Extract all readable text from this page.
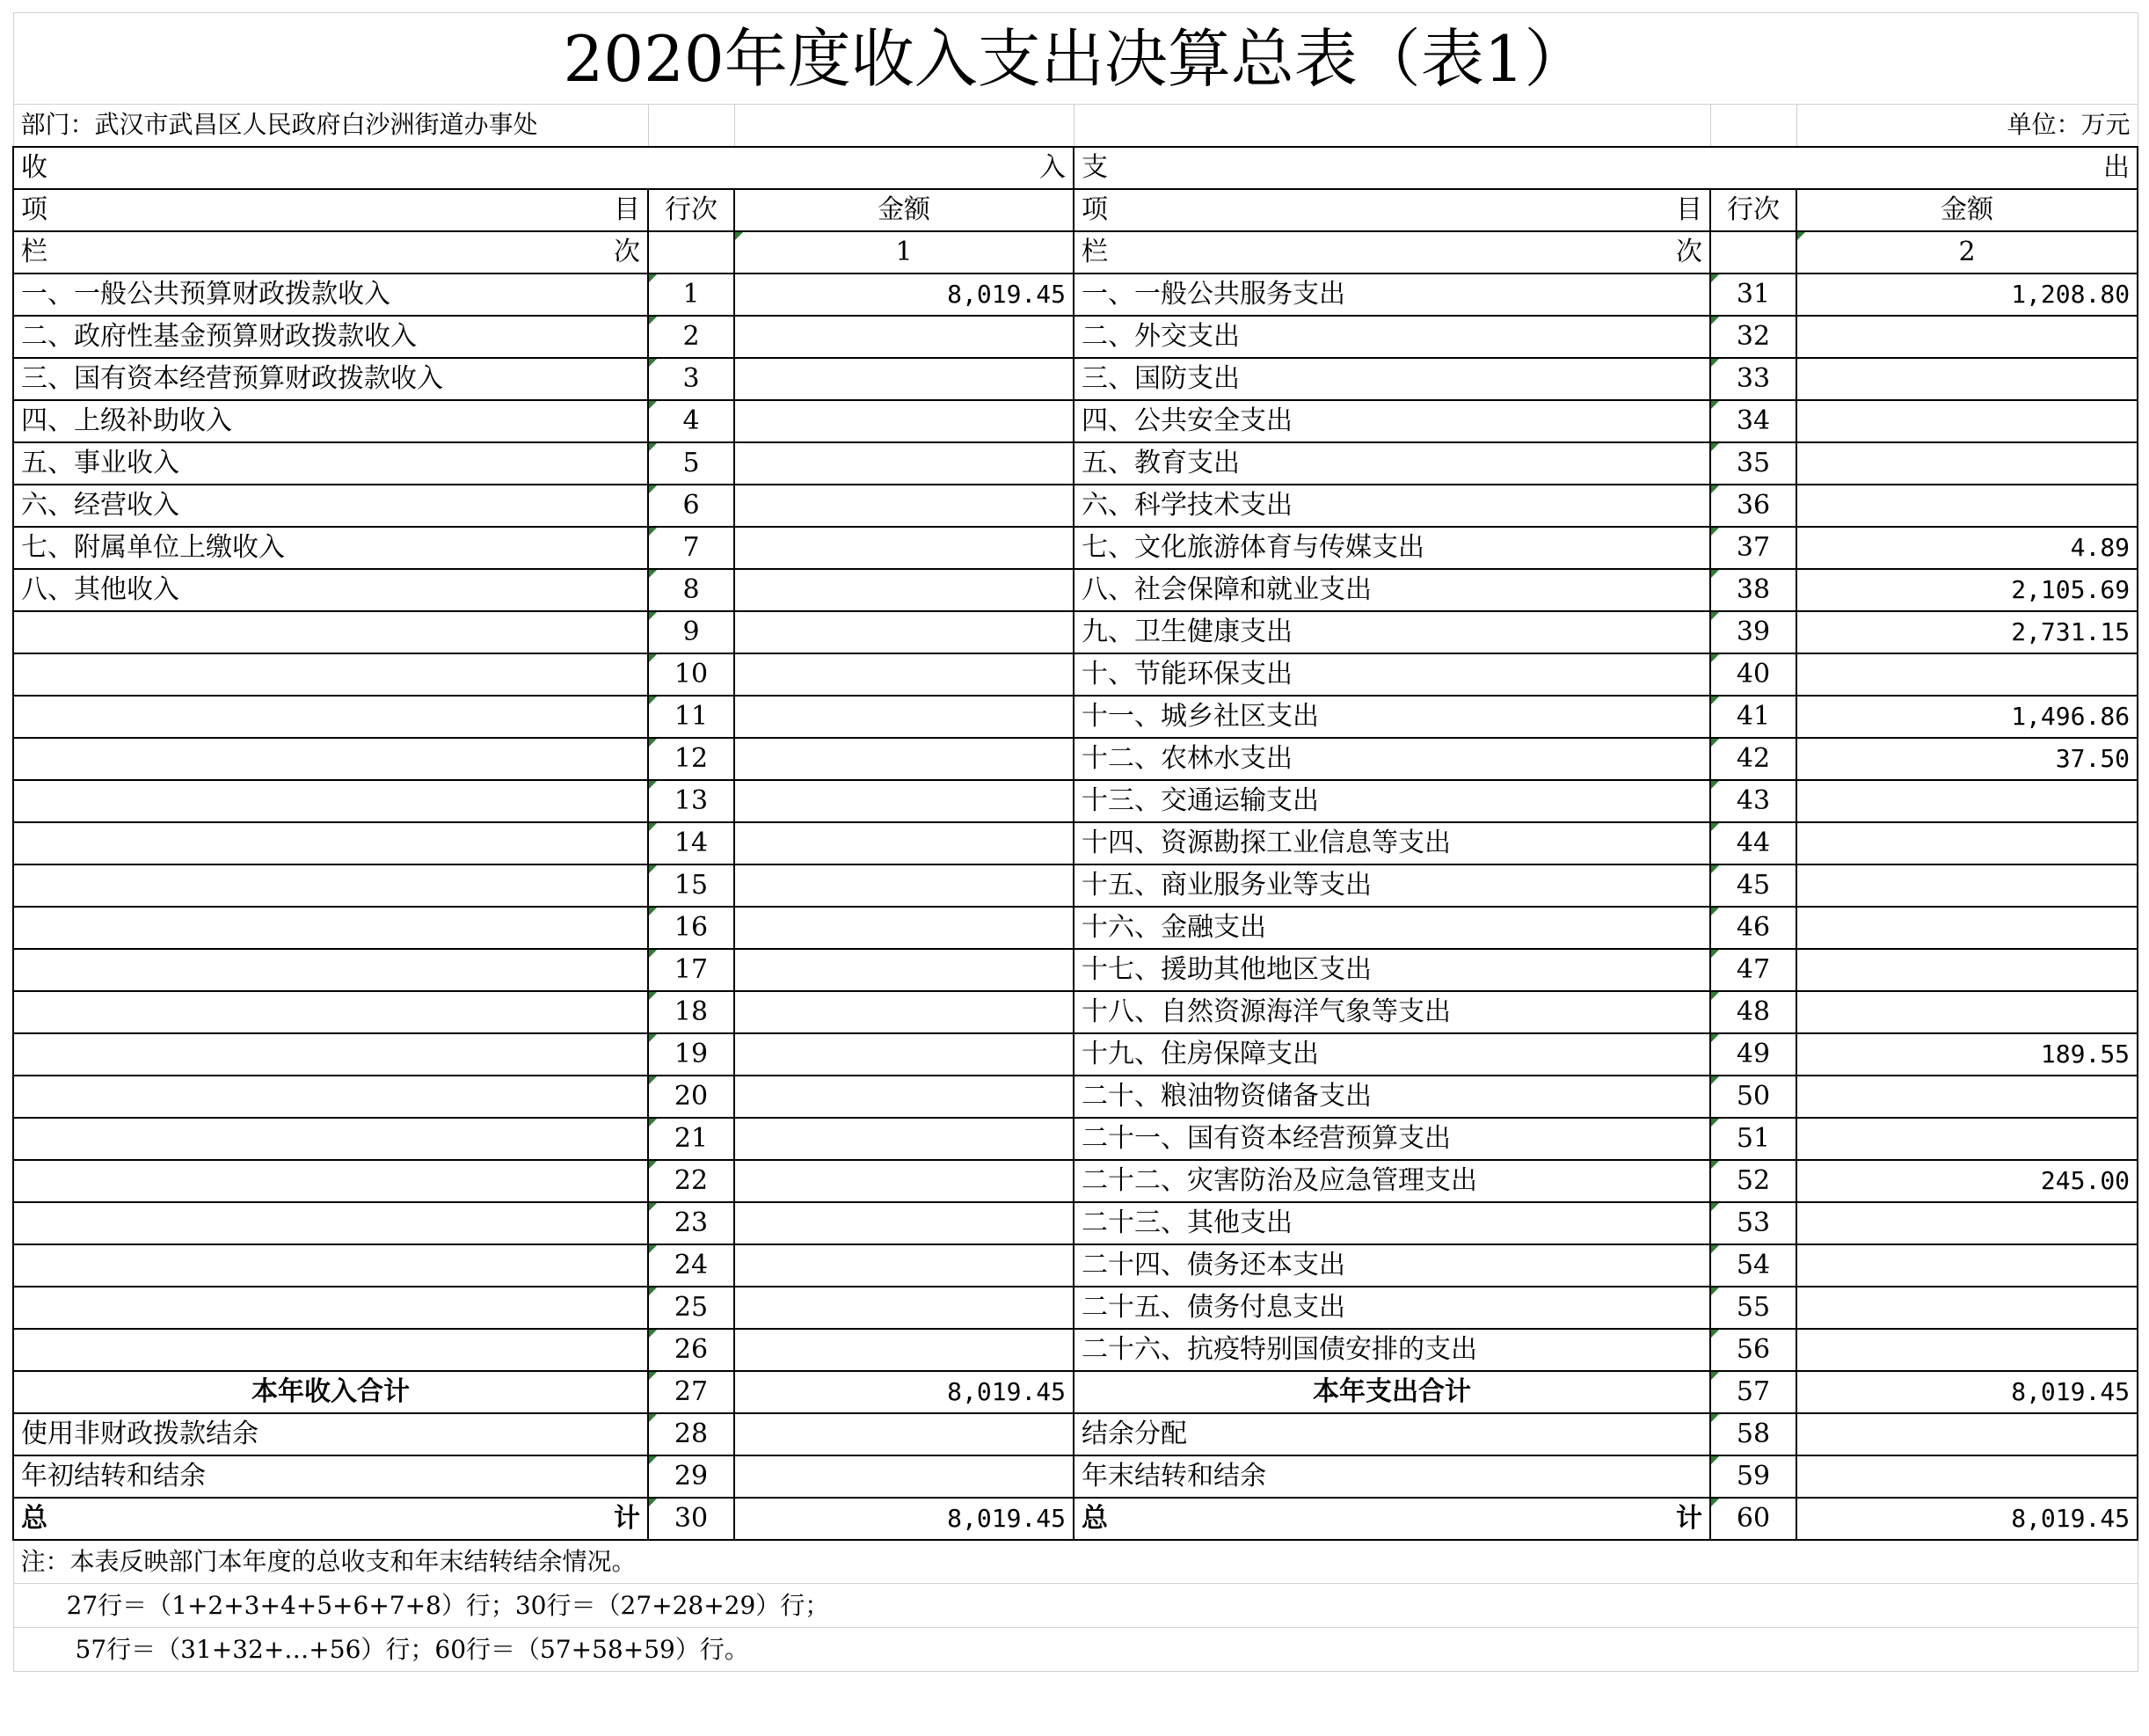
2020年度收入支出决算总表（表1）					
部门：武汉市武昌区人民政府白沙洲街道办事处					单位：万元

收 入			支 出		

项 目	行次	金额	项 目	行次	金额

栏 次		1	栏 次		2
一、一般公共预算财政拨款收入	1	8,019.45	一、一般公共服务支出	31	1,208.80
二、政府性基金预算财政拨款收入	2		二、外交支出	32	
三、国有资本经营预算财政拨款收入	3		三、国防支出	33	
四、上级补助收入	4		四、公共安全支出	34	
五、事业收入	5		五、教育支出	35	
六、经营收入	6		六、科学技术支出	36	
七、附属单位上缴收入	7		七、文化旅游体育与传媒支出	37	4.89
八、其他收入	8		八、社会保障和就业支出	38	2,105.69
	9		九、卫生健康支出	39	2,731.15
	10		十、节能环保支出	40	
	11		十一、城乡社区支出	41	1,496.86
	12		十二、农林水支出	42	37.50
	13		十三、交通运输支出	43	
	14		十四、资源勘探工业信息等支出	44	
	15		十五、商业服务业等支出	45	
	16		十六、金融支出	46	
	17		十七、援助其他地区支出	47	
	18		十八、自然资源海洋气象等支出	48	
	19		十九、住房保障支出	49	189.55
	20		二十、粮油物资储备支出	50	
	21		二十一、国有资本经营预算支出	51	
	22		二十二、灾害防治及应急管理支出	52	245.00
	23		二十三、其他支出	53	
	24		二十四、债务还本支出	54	
	25		二十五、债务付息支出	55	
	26		二十六、抗疫特别国债安排的支出	56	
本年收入合计	27	8,019.45	本年支出合计	57	8,019.45
使用非财政拨款结余	28		结余分配	58	
年初结转和结余	29		年末结转和结余	59	

总 计	30	8,019.45	总 计	60	8,019.45
注：本表反映部门本年度的总收支和年末结转结余情况。					
27行＝（1+2+3+4+5+6+7+8）行；30行＝（27+28+29）行；					
57行＝（31+32+…+56）行；60行＝（57+58+59）行。					
